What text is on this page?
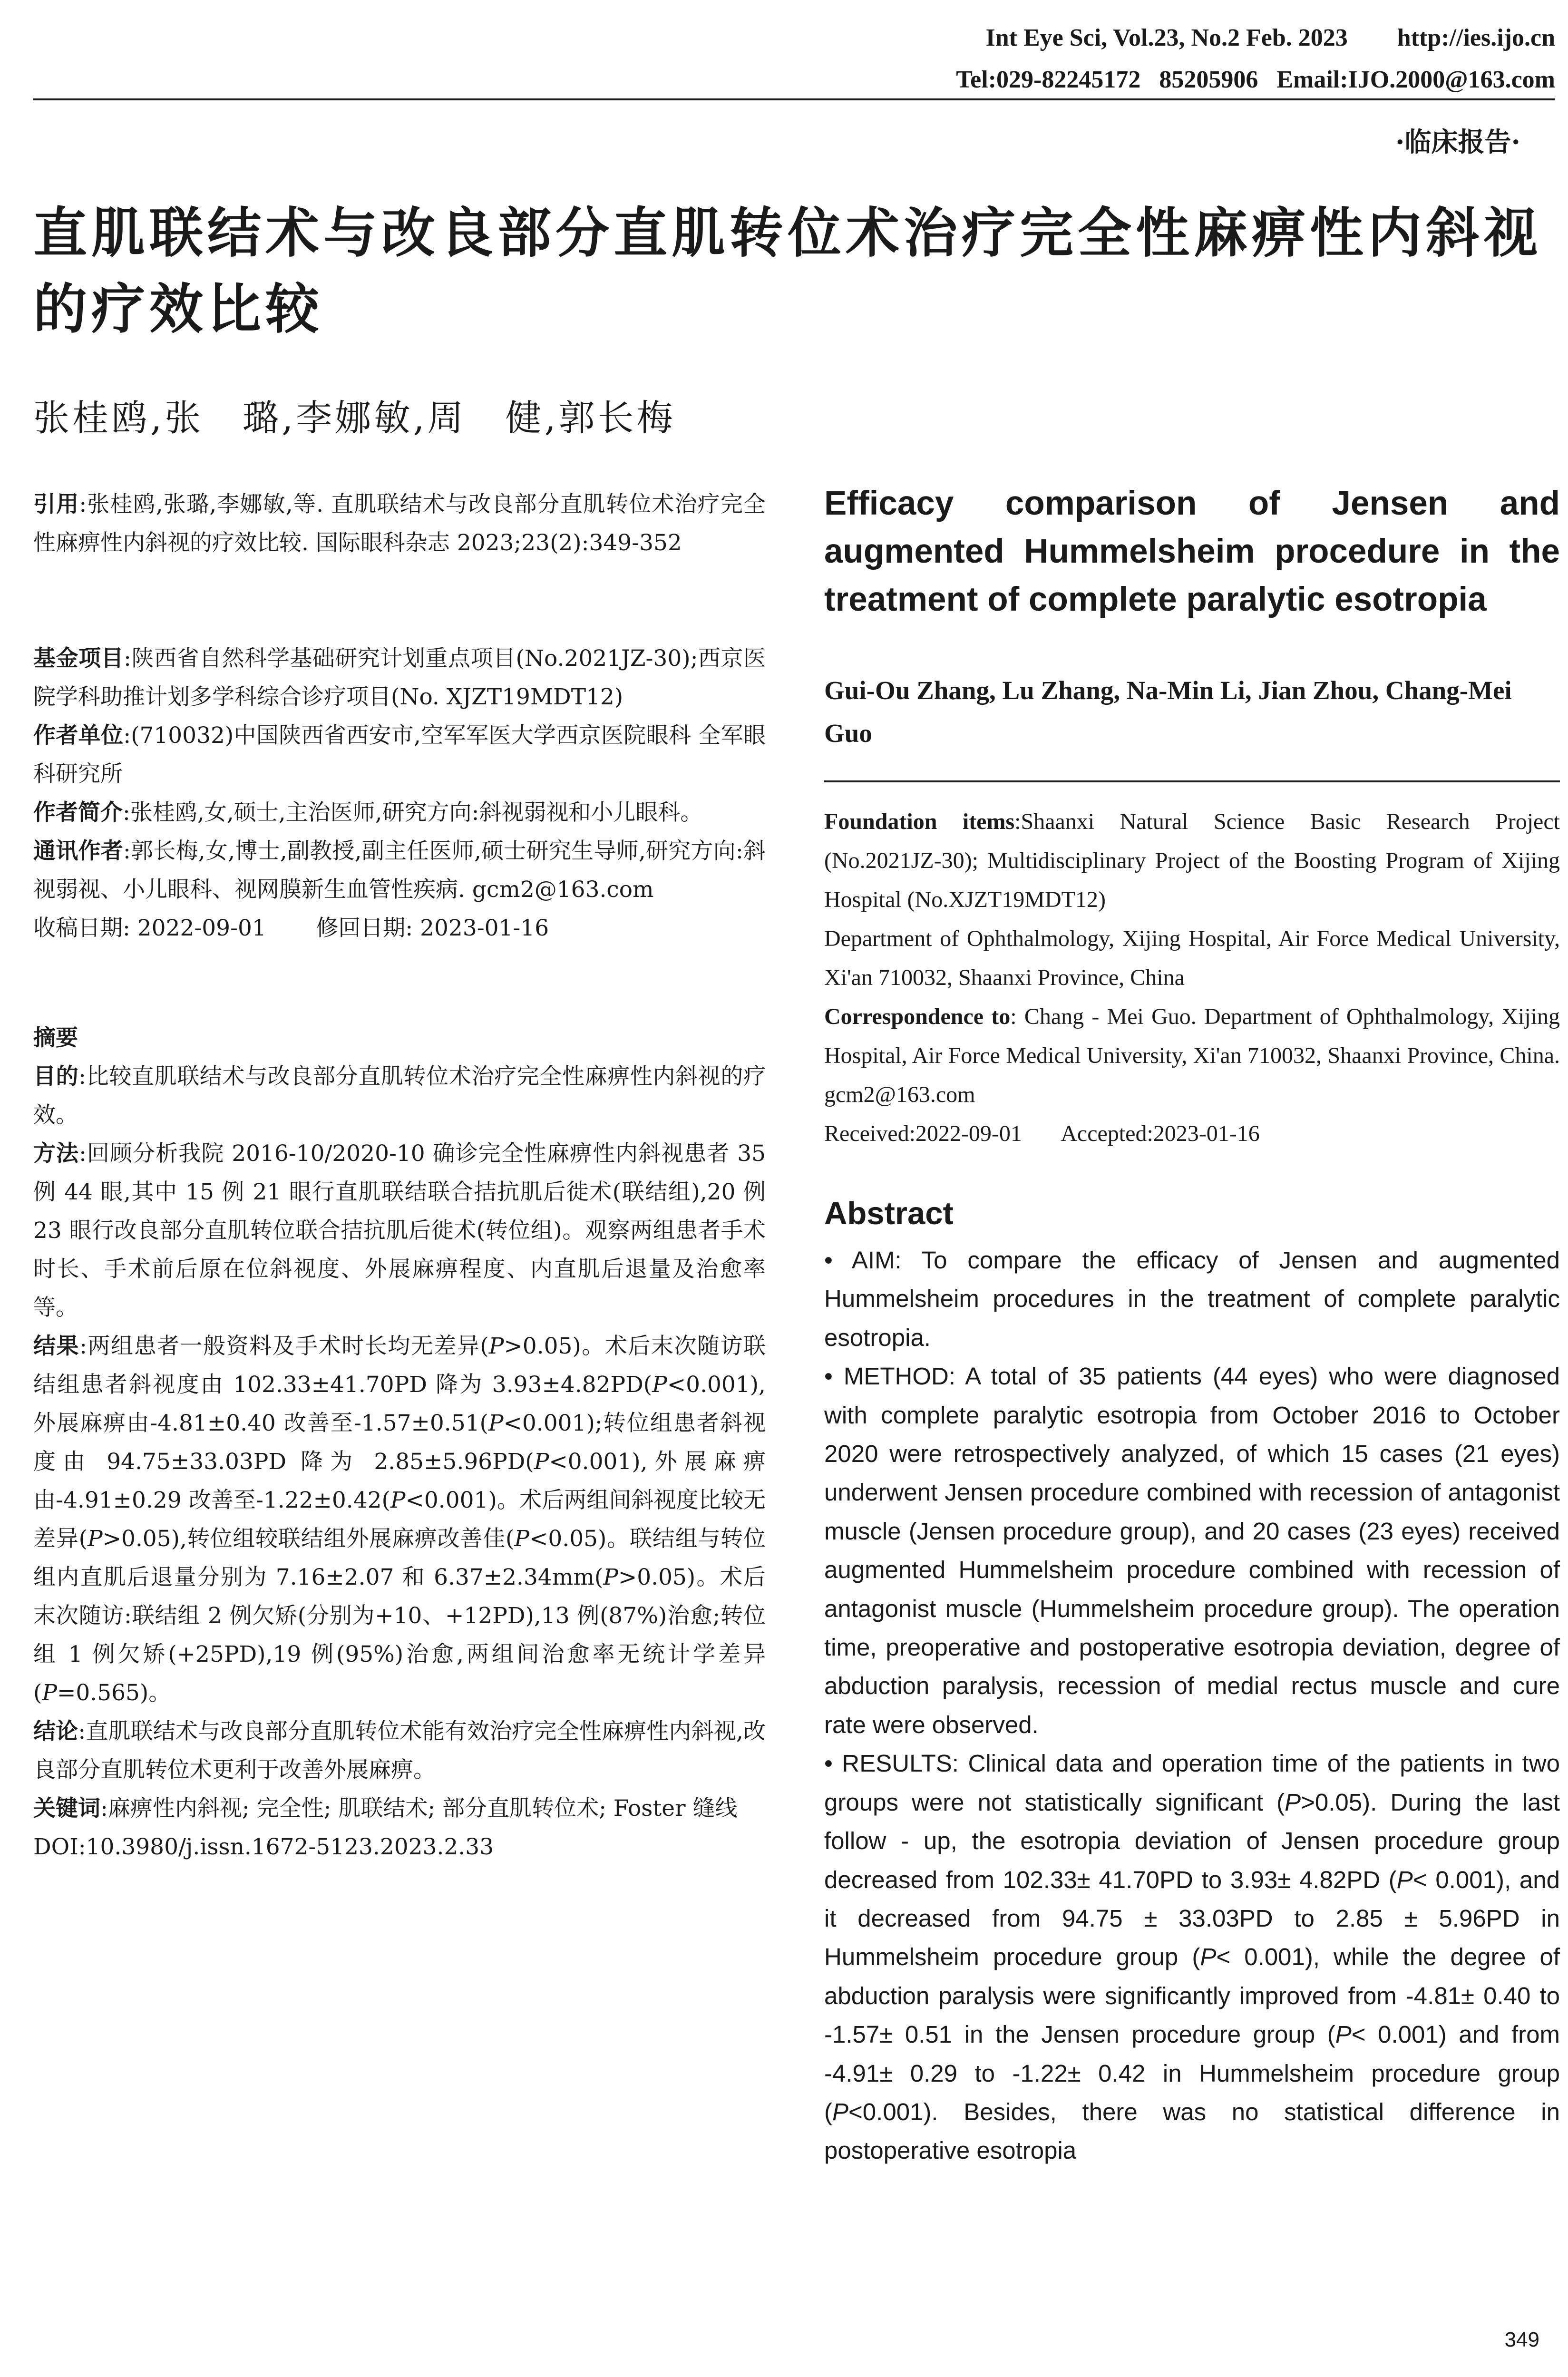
Int Eye Sci, Vol.23, No.2 Feb. 2023        http://ies.ijo.cn
Tel:029-82245172   85205906   Email:IJO.2000@163.com
·临床报告·
直肌联结术与改良部分直肌转位术治疗完全性麻痹性内斜视的疗效比较
张桂鸥,张　璐,李娜敏,周　健,郭长梅

引用:张桂鸥,张璐,李娜敏,等. 直肌联结术与改良部分直肌转位术治疗完全性麻痹性内斜视的疗效比较. 国际眼科杂志 2023;23(2):349-352

基金项目:陕西省自然科学基础研究计划重点项目(No.2021JZ-30);西京医院学科助推计划多学科综合诊疗项目(No. XJZT19MDT12)

作者单位:(710032)中国陕西省西安市,空军军医大学西京医院眼科 全军眼科研究所

作者简介:张桂鸥,女,硕士,主治医师,研究方向:斜视弱视和小儿眼科。

通讯作者:郭长梅,女,博士,副教授,副主任医师,硕士研究生导师,研究方向:斜视弱视、小儿眼科、视网膜新生血管性疾病. gcm2@163.com

收稿日期: 2022-09-01       修回日期: 2023-01-16

摘要

目的:比较直肌联结术与改良部分直肌转位术治疗完全性麻痹性内斜视的疗效。

方法:回顾分析我院 2016-10/2020-10 确诊完全性麻痹性内斜视患者 35 例 44 眼,其中 15 例 21 眼行直肌联结联合拮抗肌后徙术(联结组),20 例 23 眼行改良部分直肌转位联合拮抗肌后徙术(转位组)。观察两组患者手术时长、手术前后原在位斜视度、外展麻痹程度、内直肌后退量及治愈率等。

结果:两组患者一般资料及手术时长均无差异(P>0.05)。术后末次随访联结组患者斜视度由 102.33±41.70PD 降为 3.93±4.82PD(P<0.001),外展麻痹由-4.81±0.40 改善至-1.57±0.51(P<0.001);转位组患者斜视度由 94.75±33.03PD 降为 2.85±5.96PD(P<0.001),外展麻痹由-4.91±0.29 改善至-1.22±0.42(P<0.001)。术后两组间斜视度比较无差异(P>0.05),转位组较联结组外展麻痹改善佳(P<0.05)。联结组与转位组内直肌后退量分别为 7.16±2.07 和 6.37±2.34mm(P>0.05)。术后末次随访:联结组 2 例欠矫(分别为+10、+12PD),13 例(87%)治愈;转位组 1 例欠矫(+25PD),19 例(95%)治愈,两组间治愈率无统计学差异(P=0.565)。

结论:直肌联结术与改良部分直肌转位术能有效治疗完全性麻痹性内斜视,改良部分直肌转位术更利于改善外展麻痹。

关键词:麻痹性内斜视; 完全性; 肌联结术; 部分直肌转位术; Foster 缝线

DOI:10.3980/j.issn.1672-5123.2023.2.33

Efficacy comparison of Jensen and augmented Hummelsheim procedure in the treatment of complete paralytic esotropia
Gui-Ou Zhang, Lu Zhang, Na-Min Li, Jian Zhou, Chang-Mei Guo
Foundation items:Shaanxi Natural Science Basic Research Project (No.2021JZ-30); Multidisciplinary Project of the Boosting Program of Xijing Hospital (No.XJZT19MDT12)
Department of Ophthalmology, Xijing Hospital, Air Force Medical University, Xi'an 710032, Shaanxi Province, China
Correspondence to: Chang - Mei Guo. Department of Ophthalmology, Xijing Hospital, Air Force Medical University, Xi'an 710032, Shaanxi Province, China. gcm2@163.com
Received:2022-09-01       Accepted:2023-01-16
Abstract

• AIM: To compare the efficacy of Jensen and augmented Hummelsheim procedures in the treatment of complete paralytic esotropia.

• METHOD: A total of 35 patients (44 eyes) who were diagnosed with complete paralytic esotropia from October 2016 to October 2020 were retrospectively analyzed, of which 15 cases (21 eyes) underwent Jensen procedure combined with recession of antagonist muscle (Jensen procedure group), and 20 cases (23 eyes) received augmented Hummelsheim procedure combined with recession of antagonist muscle (Hummelsheim procedure group). The operation time, preoperative and postoperative esotropia deviation, degree of abduction paralysis, recession of medial rectus muscle and cure rate were observed.

• RESULTS: Clinical data and operation time of the patients in two groups were not statistically significant (P>0.05). During the last follow - up, the esotropia deviation of Jensen procedure group decreased from 102.33± 41.70PD to 3.93± 4.82PD (P< 0.001), and it decreased from 94.75 ± 33.03PD to 2.85 ± 5.96PD in Hummelsheim procedure group (P< 0.001), while the degree of abduction paralysis were significantly improved from -4.81± 0.40 to -1.57± 0.51 in the Jensen procedure group (P< 0.001) and from -4.91± 0.29 to -1.22± 0.42 in Hummelsheim procedure group (P<0.001). Besides, there was no statistical difference in postoperative esotropia

349
